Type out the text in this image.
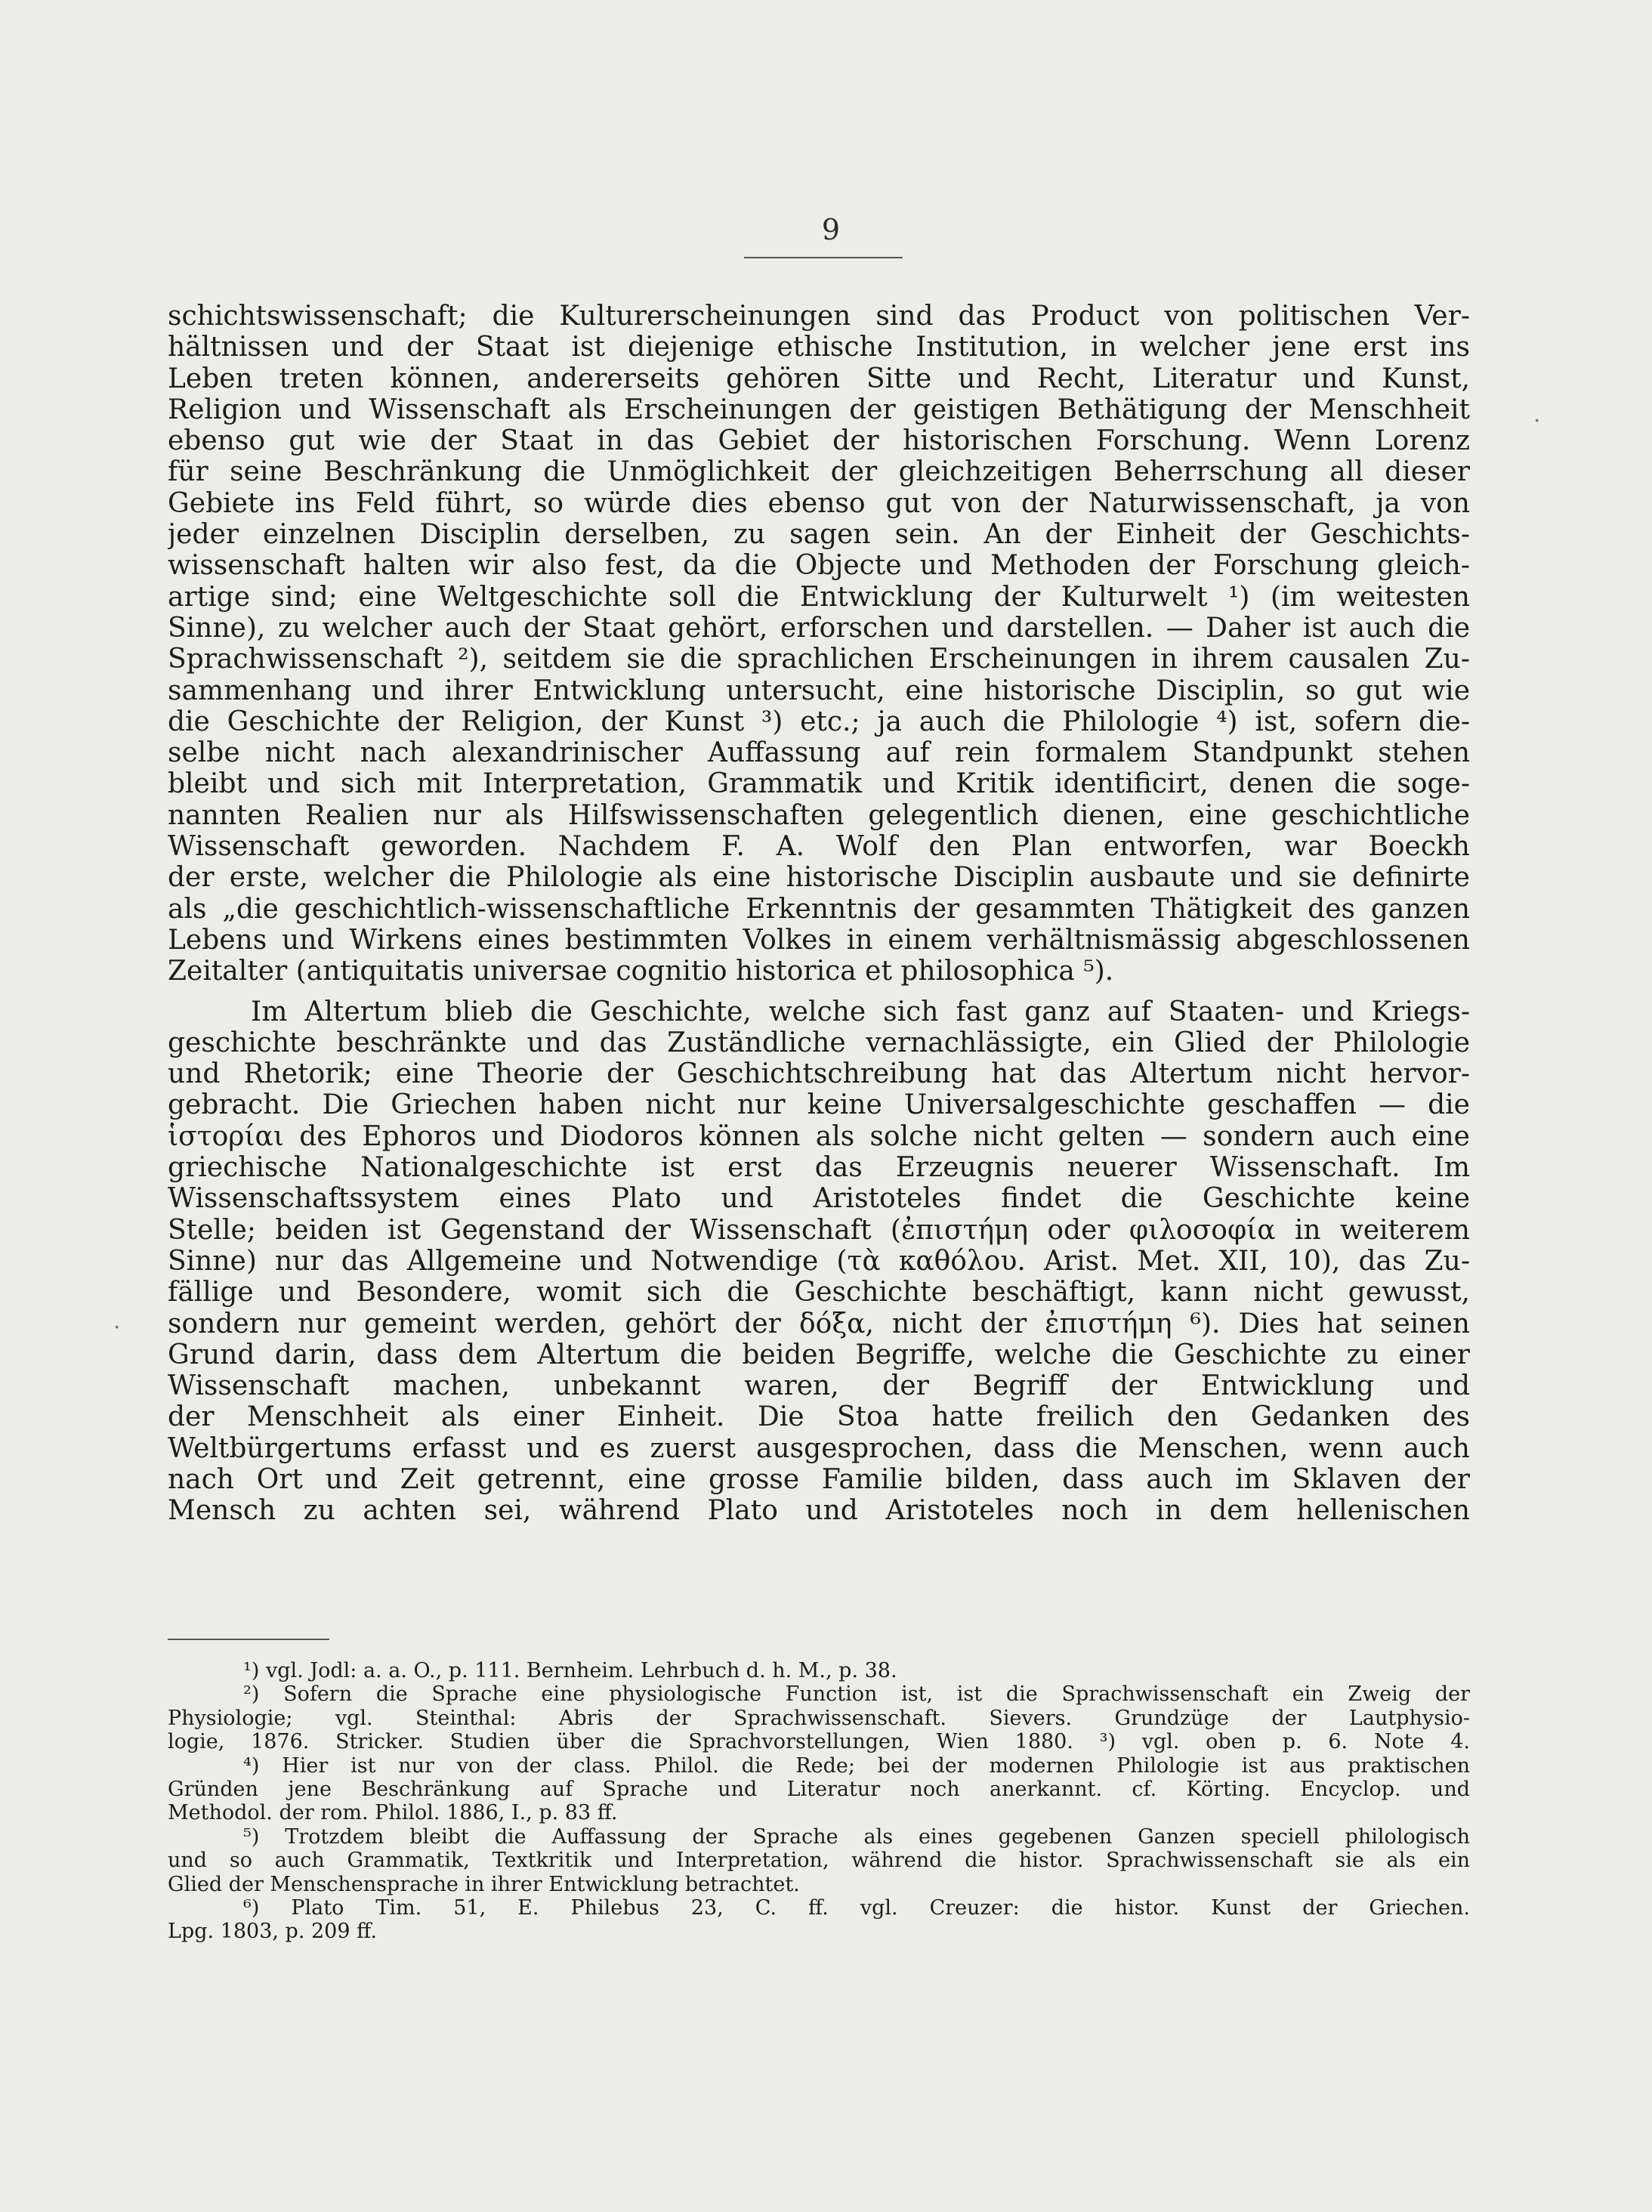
9
schichtswissenschaft; die Kulturerscheinungen sind das Product von politischen Ver-
hältnissen und der Staat ist diejenige ethische Institution, in welcher jene erst ins
Leben treten können, andererseits gehören Sitte und Recht, Literatur und Kunst,
Religion und Wissenschaft als Erscheinungen der geistigen Bethätigung der Menschheit
ebenso gut wie der Staat in das Gebiet der historischen Forschung. Wenn Lorenz
für seine Beschränkung die Unmöglichkeit der gleichzeitigen Beherrschung all dieser
Gebiete ins Feld führt, so würde dies ebenso gut von der Naturwissenschaft, ja von
jeder einzelnen Disciplin derselben, zu sagen sein. An der Einheit der Geschichts-
wissenschaft halten wir also fest, da die Objecte und Methoden der Forschung gleich-
artige sind; eine Weltgeschichte soll die Entwicklung der Kulturwelt ¹) (im weitesten
Sinne), zu welcher auch der Staat gehört, erforschen und darstellen. — Daher ist auch die
Sprachwissenschaft ²), seitdem sie die sprachlichen Erscheinungen in ihrem causalen Zu-
sammenhang und ihrer Entwicklung untersucht, eine historische Disciplin, so gut wie
die Geschichte der Religion, der Kunst ³) etc.; ja auch die Philologie ⁴) ist, sofern die-
selbe nicht nach alexandrinischer Auffassung auf rein formalem Standpunkt stehen
bleibt und sich mit Interpretation, Grammatik und Kritik identificirt, denen die soge-
nannten Realien nur als Hilfswissenschaften gelegentlich dienen, eine geschichtliche
Wissenschaft geworden. Nachdem F. A. Wolf den Plan entworfen, war Boeckh
der erste, welcher die Philologie als eine historische Disciplin ausbaute und sie definirte
als „die geschichtlich-wissenschaftliche Erkenntnis der gesammten Thätigkeit des ganzen
Lebens und Wirkens eines bestimmten Volkes in einem verhältnismässig abgeschlossenen
Zeitalter (antiquitatis universae cognitio historica et philosophica ⁵).
Im Altertum blieb die Geschichte, welche sich fast ganz auf Staaten- und Kriegs-
geschichte beschränkte und das Zuständliche vernachlässigte, ein Glied der Philologie
und Rhetorik; eine Theorie der Geschichtschreibung hat das Altertum nicht hervor-
gebracht. Die Griechen haben nicht nur keine Universalgeschichte geschaffen — die
ἱστορίαι des Ephoros und Diodoros können als solche nicht gelten — sondern auch eine
griechische Nationalgeschichte ist erst das Erzeugnis neuerer Wissenschaft. Im
Wissenschaftssystem eines Plato und Aristoteles findet die Geschichte keine
Stelle; beiden ist Gegenstand der Wissenschaft (ἐπιστήμη oder φιλοσοφία in weiterem
Sinne) nur das Allgemeine und Notwendige (τὰ καθόλου. Arist. Met. XII, 10), das Zu-
fällige und Besondere, womit sich die Geschichte beschäftigt, kann nicht gewusst,
sondern nur gemeint werden, gehört der δόξα, nicht der ἐπιστήμη ⁶). Dies hat seinen
Grund darin, dass dem Altertum die beiden Begriffe, welche die Geschichte zu einer
Wissenschaft machen, unbekannt waren, der Begriff der Entwicklung und
der Menschheit als einer Einheit. Die Stoa hatte freilich den Gedanken des
Weltbürgertums erfasst und es zuerst ausgesprochen, dass die Menschen, wenn auch
nach Ort und Zeit getrennt, eine grosse Familie bilden, dass auch im Sklaven der
Mensch zu achten sei, während Plato und Aristoteles noch in dem hellenischen
¹) vgl. Jodl: a. a. O., p. 111. Bernheim. Lehrbuch d. h. M., p. 38.
²) Sofern die Sprache eine physiologische Function ist, ist die Sprachwissenschaft ein Zweig der
Physiologie; vgl. Steinthal: Abris der Sprachwissenschaft. Sievers. Grundzüge der Lautphysio-
logie, 1876. Stricker. Studien über die Sprachvorstellungen, Wien 1880. ³) vgl. oben p. 6. Note 4.
⁴) Hier ist nur von der class. Philol. die Rede; bei der modernen Philologie ist aus praktischen
Gründen jene Beschränkung auf Sprache und Literatur noch anerkannt. cf. Körting. Encyclop. und
Methodol. der rom. Philol. 1886, I., p. 83 ff.
⁵) Trotzdem bleibt die Auffassung der Sprache als eines gegebenen Ganzen speciell philologisch
und so auch Grammatik, Textkritik und Interpretation, während die histor. Sprachwissenschaft sie als ein
Glied der Menschensprache in ihrer Entwicklung betrachtet.
⁶) Plato Tim. 51, E. Philebus 23, C. ff. vgl. Creuzer: die histor. Kunst der Griechen.
Lpg. 1803, p. 209 ff.
·
·
